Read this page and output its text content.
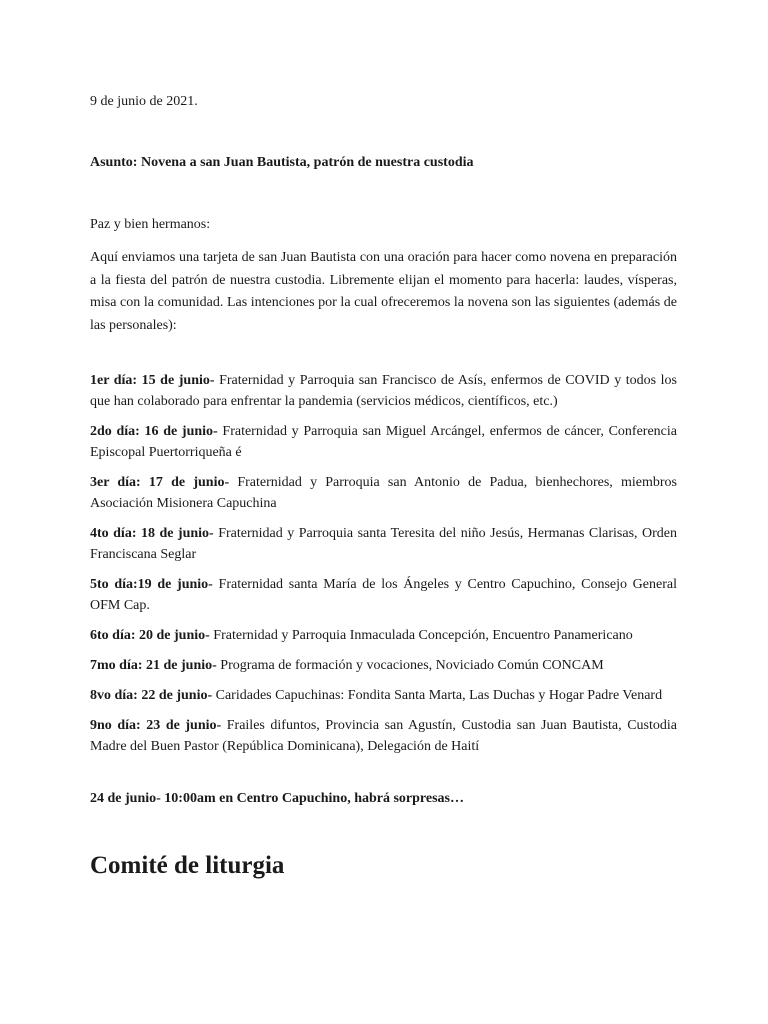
9 de junio de 2021.
Asunto: Novena a san Juan Bautista, patrón de nuestra custodia
Paz y bien hermanos:
Aquí enviamos una tarjeta de san Juan Bautista con una oración para hacer como novena en preparación a la fiesta del patrón de nuestra custodia. Libremente elijan el momento para hacerla: laudes, vísperas, misa con la comunidad. Las intenciones por la cual ofreceremos la novena son las siguientes (además de las personales):
1er día: 15 de junio- Fraternidad y Parroquia san Francisco de Asís, enfermos de COVID y todos los que han colaborado para enfrentar la pandemia (servicios médicos, científicos, etc.)
2do día: 16 de junio- Fraternidad y Parroquia san Miguel Arcángel, enfermos de cáncer, Conferencia Episcopal Puertorriqueña é
3er día: 17 de junio- Fraternidad y Parroquia san Antonio de Padua, bienhechores, miembros Asociación Misionera Capuchina
4to día: 18 de junio- Fraternidad y Parroquia santa Teresita del niño Jesús, Hermanas Clarisas, Orden Franciscana Seglar
5to día:19 de junio- Fraternidad santa María de los Ángeles y Centro Capuchino, Consejo General OFM Cap.
6to día: 20 de junio- Fraternidad y Parroquia Inmaculada Concepción, Encuentro Panamericano
7mo día: 21 de junio- Programa de formación y vocaciones, Noviciado Común CONCAM
8vo día: 22 de junio- Caridades Capuchinas: Fondita Santa Marta, Las Duchas y Hogar Padre Venard
9no día: 23 de junio- Frailes difuntos, Provincia san Agustín, Custodia san Juan Bautista, Custodia Madre del Buen Pastor (República Dominicana), Delegación de Haití
24 de junio- 10:00am en Centro Capuchino, habrá sorpresas…
Comité de liturgia
